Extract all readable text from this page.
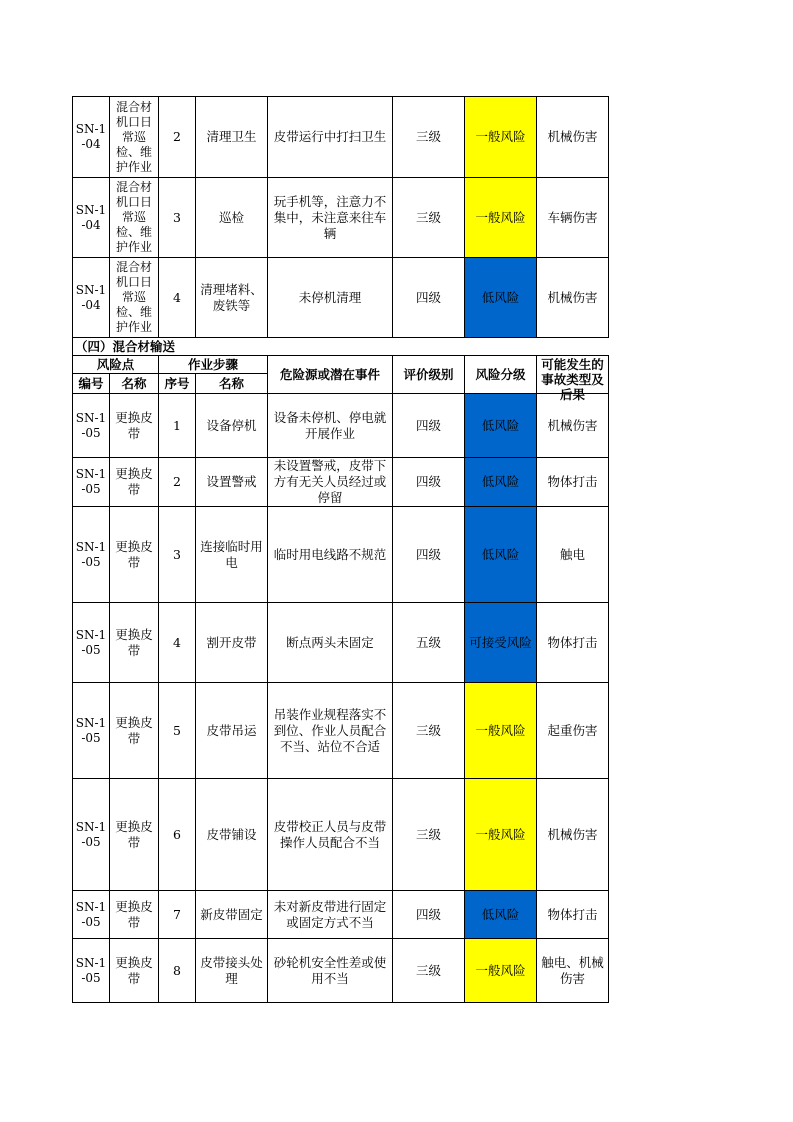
SN-1-04	混合材机口日常巡检、维护作业	2	清理卫生	皮带运行中打扫卫生	三级	一般风险	机械伤害
SN-1-04	混合材机口日常巡检、维护作业	3	巡检	玩手机等，注意力不集中，未注意来往车辆	三级	一般风险	车辆伤害
SN-1-04	混合材机口日常巡检、维护作业	4	清理堵料、废铁等	未停机清理	四级	低风险	机械伤害
（四）混合材输送
风险点		作业步骤		危险源或潜在事件	评价级别	风险分级	可能发生的事故类型及后果

编号	名称	序号	名称				
SN-1-05	更换皮带	1	设备停机	设备未停机、停电就开展作业	四级	低风险	机械伤害
SN-1-05	更换皮带	2	设置警戒	未设置警戒，皮带下方有无关人员经过或停留	四级	低风险	物体打击
SN-1-05	更换皮带	3	连接临时用电	临时用电线路不规范	四级	低风险	触电
SN-1-05	更换皮带	4	割开皮带	断点两头未固定	五级	可接受风险	物体打击
SN-1-05	更换皮带	5	皮带吊运	吊装作业规程落实不到位、作业人员配合不当、站位不合适	三级	一般风险	起重伤害
SN-1-05	更换皮带	6	皮带铺设	皮带校正人员与皮带操作人员配合不当	三级	一般风险	机械伤害
SN-1-05	更换皮带	7	新皮带固定	未对新皮带进行固定或固定方式不当	四级	低风险	物体打击
SN-1-05	更换皮带	8	皮带接头处理	砂轮机安全性差或使用不当	三级	一般风险	触电、机械伤害
